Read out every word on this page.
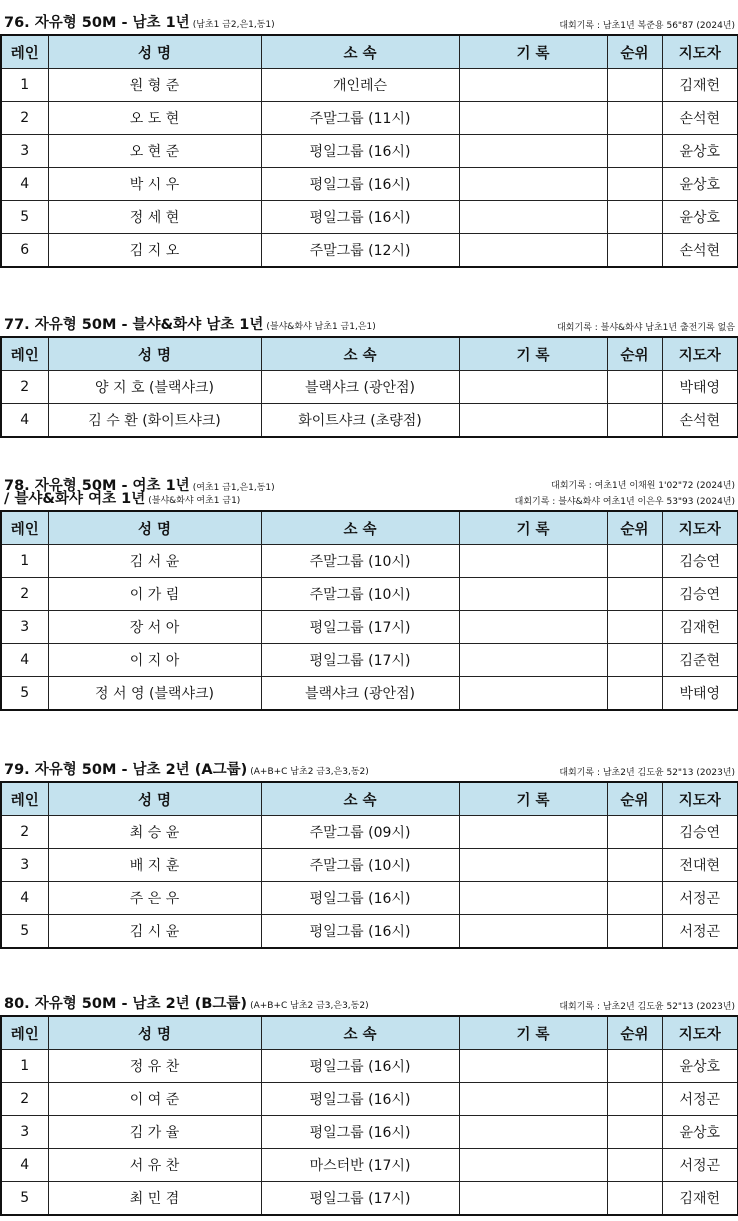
76. 자유형 50M - 남초 1년 (남초1 금2,은1,동1)	대회기록 : 남초1년 복준용 56"87 (2024년)
레인	성 명	소 속	기 록	순위	지도자
1	원 형 준	개인레슨			김재헌
2	오 도 현	주말그룹 (11시)			손석현
3	오 현 준	평일그룹 (16시)			윤상호
4	박 시 우	평일그룹 (16시)			윤상호
5	정 세 현	평일그룹 (16시)			윤상호
6	김 지 오	주말그룹 (12시)			손석현
77. 자유형 50M - 블샤&화샤 남초 1년 (블샤&화샤 남초1 금1,은1)	대회기록 : 블샤&화샤 남초1년 출전기록 없음
레인	성 명	소 속	기 록	순위	지도자
2	양 지 호 (블랙샤크)	블랙샤크 (광안점)			박태영
4	김 수 환 (화이트샤크)	화이트샤크 (초량점)			손석현
78. 자유형 50M - 여초 1년 (여초1 금1,은1,동1)
/ 블샤&화샤 여초 1년 (블샤&화샤 여초1 금1)
대회기록 : 여초1년 이채원 1'02"72 (2024년)
대회기록 : 블샤&화샤 여초1년 이은우 53"93 (2024년)
레인	성 명	소 속	기 록	순위	지도자
1	김 서 윤	주말그룹 (10시)			김승연
2	이 가 림	주말그룹 (10시)			김승연
3	장 서 아	평일그룹 (17시)			김재헌
4	이 지 아	평일그룹 (17시)			김준현
5	정 서 영 (블랙샤크)	블랙샤크 (광안점)			박태영
79. 자유형 50M - 남초 2년 (A그룹) (A+B+C 남초2 금3,은3,동2)	대회기록 : 남초2년 김도윤 52"13 (2023년)
레인	성 명	소 속	기 록	순위	지도자
2	최 승 윤	주말그룹 (09시)			김승연
3	배 지 훈	주말그룹 (10시)			전대현
4	주 은 우	평일그룹 (16시)			서정곤
5	김 시 윤	평일그룹 (16시)			서정곤
80. 자유형 50M - 남초 2년 (B그룹) (A+B+C 남초2 금3,은3,동2)	대회기록 : 남초2년 김도윤 52"13 (2023년)
레인	성 명	소 속	기 록	순위	지도자
1	정 유 찬	평일그룹 (16시)			윤상호
2	이 여 준	평일그룹 (16시)			서정곤
3	김 가 율	평일그룹 (16시)			윤상호
4	서 유 찬	마스터반 (17시)			서정곤
5	최 민 겸	평일그룹 (17시)			김재헌
